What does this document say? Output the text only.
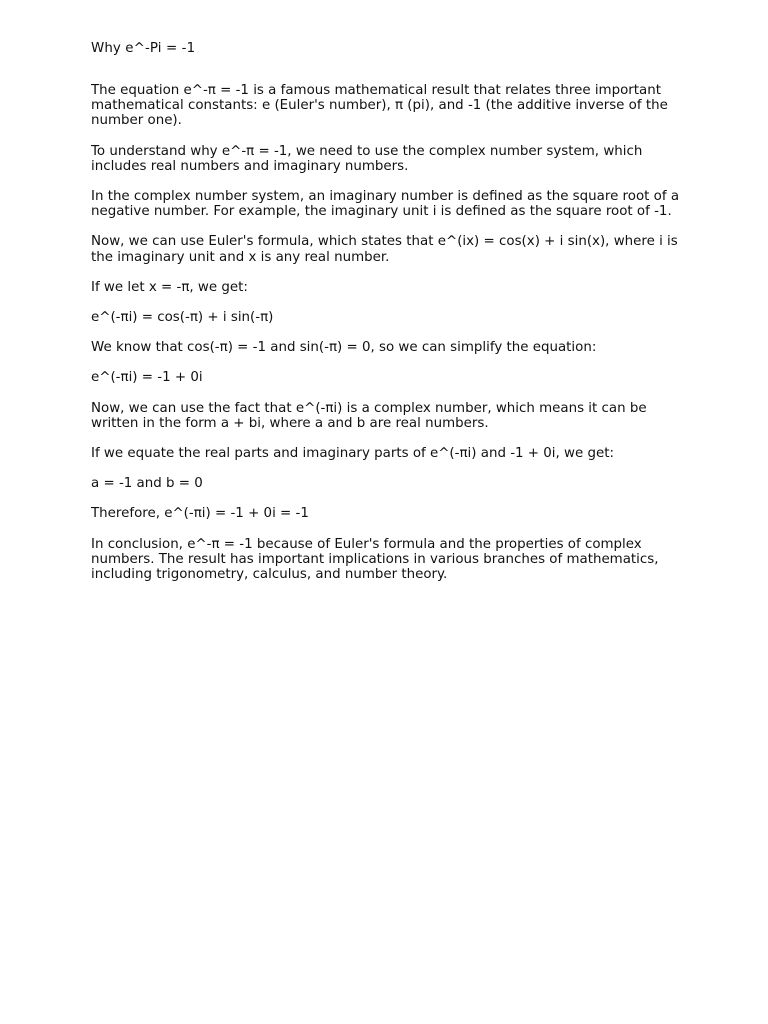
Why e^-Pi = -1

The equation e^-π = -1 is a famous mathematical result that relates three important mathematical constants: e (Euler's number), π (pi), and -1 (the additive inverse of the number one).

To understand why e^-π = -1, we need to use the complex number system, which includes real numbers and imaginary numbers.

In the complex number system, an imaginary number is defined as the square root of a negative number. For example, the imaginary unit i is defined as the square root of -1.

Now, we can use Euler's formula, which states that e^(ix) = cos(x) + i sin(x), where i is the imaginary unit and x is any real number.

If we let x = -π, we get:

e^(-πi) = cos(-π) + i sin(-π)

We know that cos(-π) = -1 and sin(-π) = 0, so we can simplify the equation:

e^(-πi) = -1 + 0i

Now, we can use the fact that e^(-πi) is a complex number, which means it can be written in the form a + bi, where a and b are real numbers.

If we equate the real parts and imaginary parts of e^(-πi) and -1 + 0i, we get:

a = -1 and b = 0

Therefore, e^(-πi) = -1 + 0i = -1

In conclusion, e^-π = -1 because of Euler's formula and the properties of complex numbers. The result has important implications in various branches of mathematics, including trigonometry, calculus, and number theory.
